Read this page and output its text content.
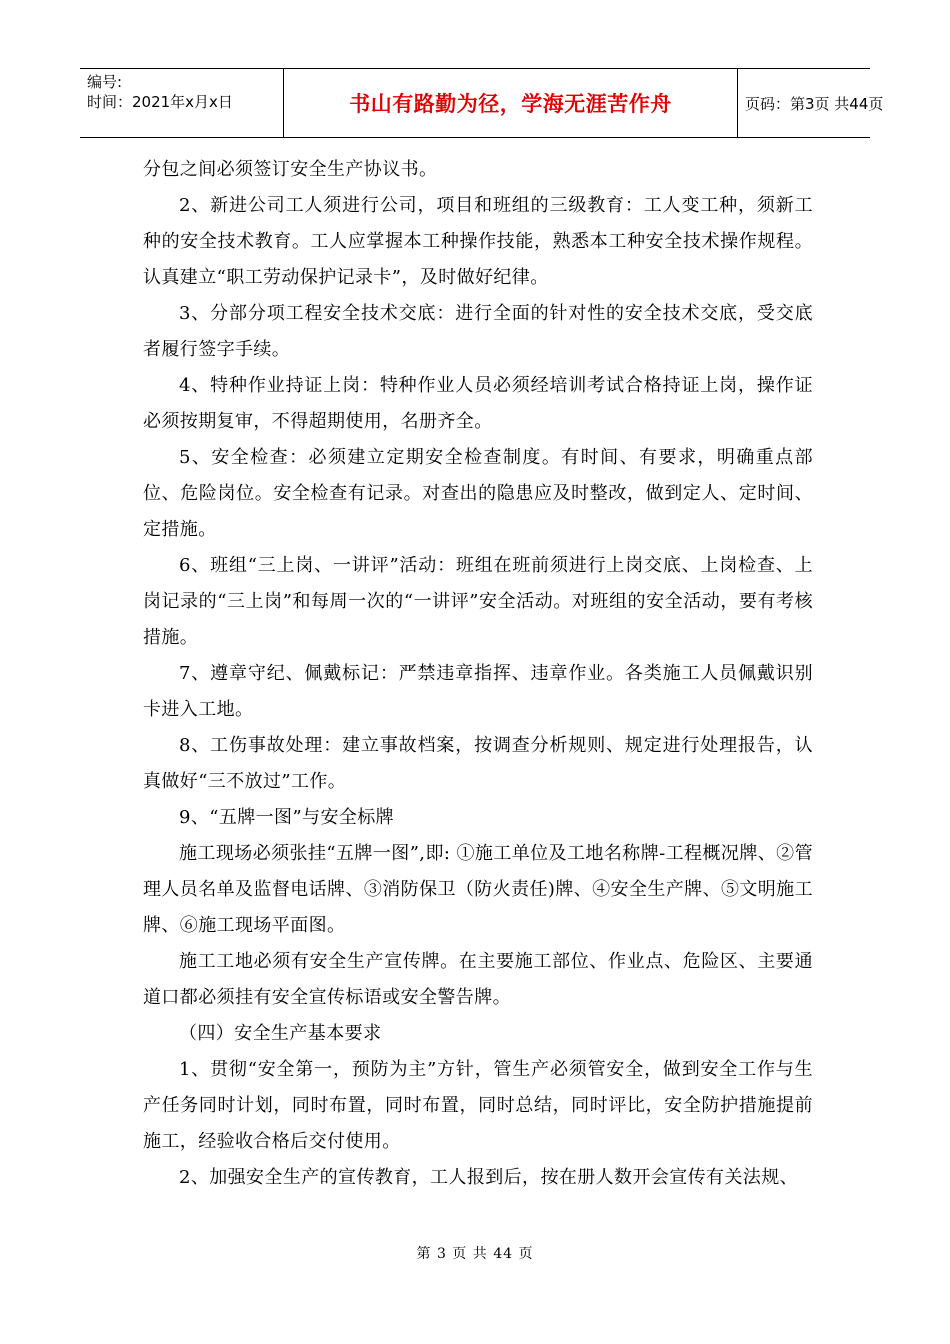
编号:
时间：2021年x月x日	书山有路勤为径，学海无涯苦作舟	页码：第3页 共44页

分包之间必须签订安全生产协议书。

2、新进公司工人须进行公司，项目和班组的三级教育：工人变工种，须新工种的安全技术教育。工人应掌握本工种操作技能，熟悉本工种安全技术操作规程。认真建立“职工劳动保护记录卡”，及时做好纪律。

3、分部分项工程安全技术交底：进行全面的针对性的安全技术交底，受交底者履行签字手续。

4、特种作业持证上岗：特种作业人员必须经培训考试合格持证上岗，操作证必须按期复审，不得超期使用，名册齐全。

5、安全检查：必须建立定期安全检查制度。有时间、有要求，明确重点部位、危险岗位。安全检查有记录。对查出的隐患应及时整改，做到定人、定时间、定措施。

6、班组“三上岗、一讲评”活动：班组在班前须进行上岗交底、上岗检查、上岗记录的“三上岗”和每周一次的“一讲评”安全活动。对班组的安全活动，要有考核措施。

7、遵章守纪、佩戴标记：严禁违章指挥、违章作业。各类施工人员佩戴识别卡进入工地。

8、工伤事故处理：建立事故档案，按调查分析规则、规定进行处理报告，认真做好“三不放过”工作。

9、“五牌一图”与安全标牌

施工现场必须张挂“五牌一图”,即: ①施工单位及工地名称牌-工程概况牌、②管理人员名单及监督电话牌、③消防保卫（防火责任)牌、④安全生产牌、⑤文明施工牌、⑥施工现场平面图。

施工工地必须有安全生产宣传牌。在主要施工部位、作业点、危险区、主要通道口都必须挂有安全宣传标语或安全警告牌。

（四）安全生产基本要求

1、贯彻“安全第一，预防为主”方针，管生产必须管安全，做到安全工作与生产任务同时计划，同时布置，同时布置，同时总结，同时评比，安全防护措施提前施工，经验收合格后交付使用。

2、加强安全生产的宣传教育，工人报到后，按在册人数开会宣传有关法规、

第 3 页 共 44 页
